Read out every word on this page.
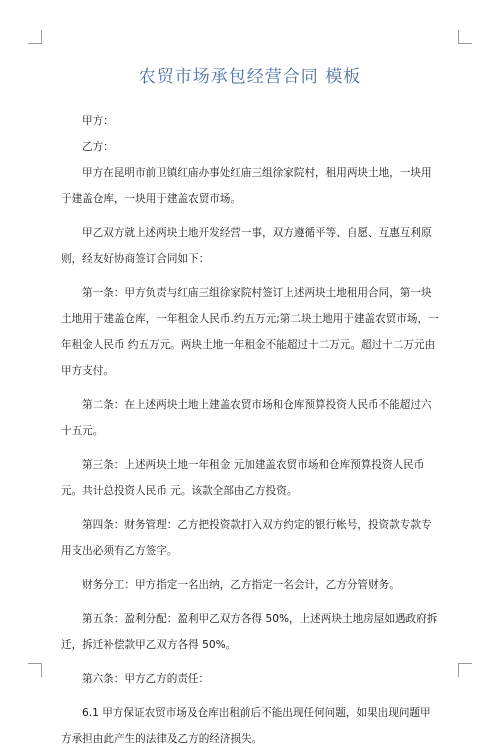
农贸市场承包经营合同 模板

甲方：

乙方：

甲方在昆明市前卫镇红庙办事处红庙三组徐家院村，租用两块土地，一块用于建盖仓库，一块用于建盖农贸市场。

甲乙双方就上述两块土地开发经营一事，双方遵循平等、自愿、互惠互利原则，经友好协商签订合同如下：

第一条：甲方负责与红庙三组徐家院村签订上述两块土地租用合同，第一块土地用于建盖仓库，一年租金人民币.约五万元;第二块土地用于建盖农贸市场，一年租金人民币 约五万元。两块土地一年租金不能超过十二万元。超过十二万元由甲方支付。

第二条：在上述两块土地上建盖农贸市场和仓库预算投资人民币不能超过六十五元。

第三条：上述两块土地一年租金 元加建盖农贸市场和仓库预算投资人民币 元。共计总投资人民币 元。该款全部由乙方投资。

第四条：财务管理：乙方把投资款打入双方约定的银行帐号，投资款专款专用支出必须有乙方签字。

财务分工：甲方指定一名出纳，乙方指定一名会计，乙方分管财务。

第五条：盈利分配：盈利甲乙双方各得 50%，上述两块土地房屋如遇政府拆迁，拆迁补偿款甲乙双方各得 50%。

第六条：甲方乙方的责任：

6.1 甲方保证农贸市场及仓库出租前后不能出现任何问题，如果出现问题甲方承担由此产生的法律及乙方的经济损失。
